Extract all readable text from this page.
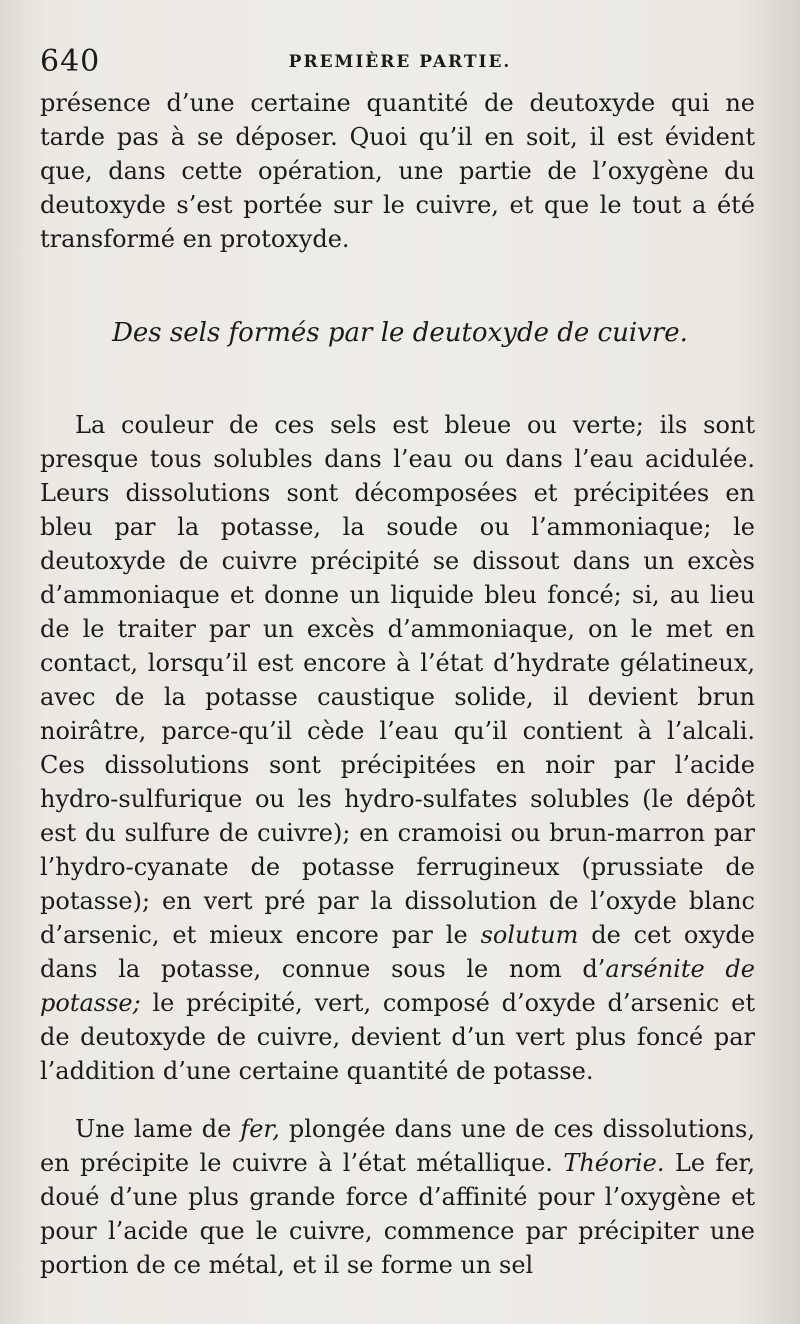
640	PREMIÈRE PARTIE.

présence d’une certaine quantité de deutoxyde qui ne tarde pas à se déposer. Quoi qu’il en soit, il est évident que, dans cette opération, une partie de l’oxygène du deutoxyde s’est portée sur le cuivre, et que le tout a été transformé en protoxyde.

Des sels formés par le deutoxyde de cuivre.

La couleur de ces sels est bleue ou verte; ils sont presque tous solubles dans l’eau ou dans l’eau acidulée. Leurs dissolutions sont décomposées et précipitées en bleu par la potasse, la soude ou l’ammoniaque; le deutoxyde de cuivre précipité se dissout dans un excès d’ammoniaque et donne un liquide bleu foncé; si, au lieu de le traiter par un excès d’ammoniaque, on le met en contact, lorsqu’il est encore à l’état d’hydrate gélatineux, avec de la potasse caustique solide, il devient brun noirâtre, parce-qu’il cède l’eau qu’il contient à l’alcali. Ces dissolutions sont précipitées en noir par l’acide hydro-sulfurique ou les hydro-sulfates solubles (le dépôt est du sulfure de cuivre); en cramoisi ou brun-marron par l’hydro-cyanate de potasse ferrugineux (prussiate de potasse); en vert pré par la dissolution de l’oxyde blanc d’arsenic, et mieux encore par le solutum de cet oxyde dans la potasse, connue sous le nom d’arsénite de potasse; le précipité, vert, composé d’oxyde d’arsenic et de deutoxyde de cuivre, devient d’un vert plus foncé par l’addition d’une certaine quantité de potasse.

Une lame de fer, plongée dans une de ces dissolutions, en précipite le cuivre à l’état métallique. Théorie. Le fer, doué d’une plus grande force d’affinité pour l’oxygène et pour l’acide que le cuivre, commence par précipiter une portion de ce métal, et il se forme un sel
